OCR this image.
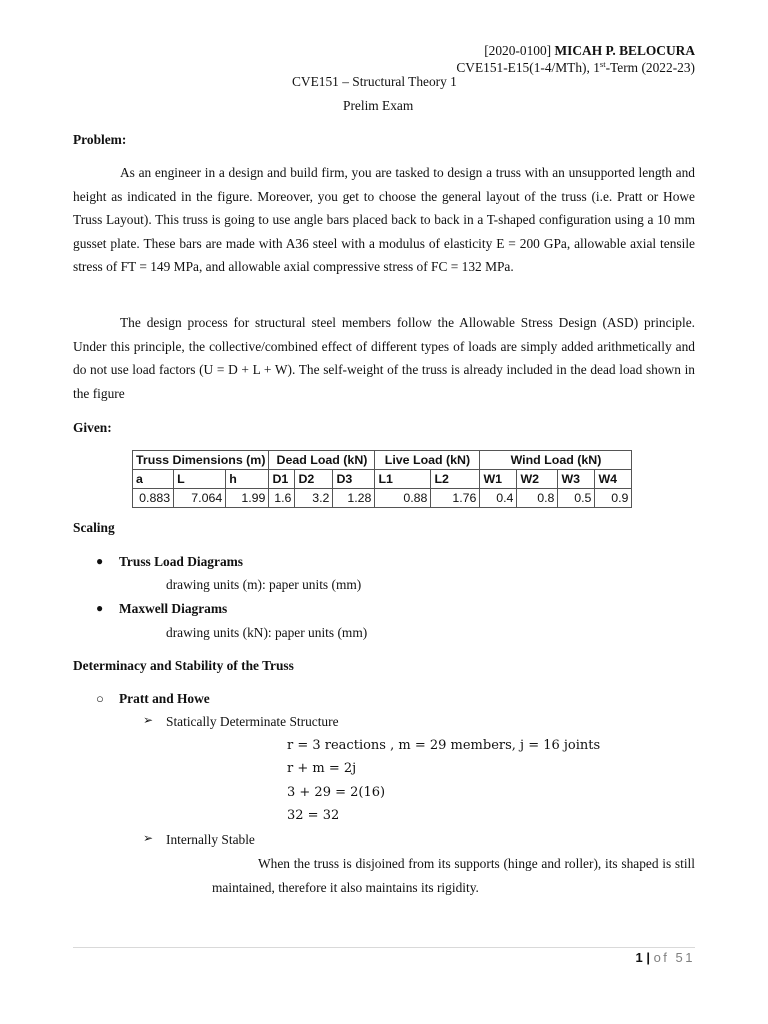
[2020-0100] MICAH P. BELOCURA
CVE151-E15(1-4/MTh), 1st-Term (2022-23)
CVE151 – Structural Theory 1
Prelim Exam
Problem:
As an engineer in a design and build firm, you are tasked to design a truss with an unsupported length and height as indicated in the figure. Moreover, you get to choose the general layout of the truss (i.e. Pratt or Howe Truss Layout). This truss is going to use angle bars placed back to back in a T-shaped configuration using a 10 mm gusset plate. These bars are made with A36 steel with a modulus of elasticity E = 200 GPa, allowable axial tensile stress of FT = 149 MPa, and allowable axial compressive stress of FC = 132 MPa.
The design process for structural steel members follow the Allowable Stress Design (ASD) principle. Under this principle, the collective/combined effect of different types of loads are simply added arithmetically and do not use load factors (U = D + L + W). The self-weight of the truss is already included in the dead load shown in the figure
Given:
Truss Dimensions (m)			Dead Load (kN)			Live Load (kN)		Wind Load (kN)			
a	L	h	D1	D2	D3	L1	L2	W1	W2	W3	W4
0.883	7.064	1.99	1.6	3.2	1.28	0.88	1.76	0.4	0.8	0.5	0.9
Scaling
● Truss Load Diagrams
drawing units (m): paper units (mm)
● Maxwell Diagrams
drawing units (kN): paper units (mm)
Determinacy and Stability of the Truss
○ Pratt and Howe
➢ Statically Determinate Structure
r = 3 reactions , m = 29 members, j = 16 joints
r + m = 2j
3 + 29 = 2(16)
32 = 32
➢ Internally Stable
When the truss is disjoined from its supports (hinge and roller), its shaped is still maintained, therefore it also maintains its rigidity.
1 | of 51
